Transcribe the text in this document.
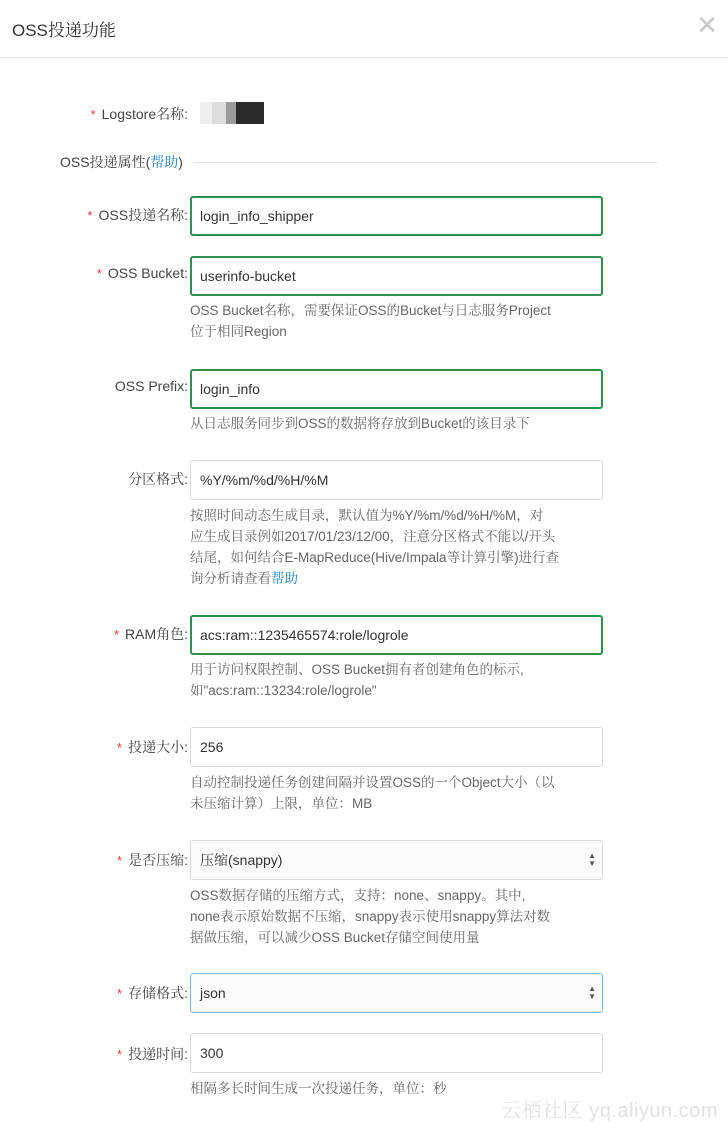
OSS投递功能	✕
* Logstore名称:
OSS投递属性(帮助)
* OSS投递名称: login_info_shipper
* OSS Bucket: userinfo-bucket
OSS Bucket名称，需要保证OSS的Bucket与日志服务Project
位于相同Region
OSS Prefix: login_info
从日志服务同步到OSS的数据将存放到Bucket的该目录下
分区格式: %Y/%m/%d/%H/%M
按照时间动态生成目录，默认值为%Y/%m/%d/%H/%M，对
应生成目录例如2017/01/23/12/00，注意分区格式不能以/开头
结尾，如何结合E-MapReduce(Hive/Impala等计算引擎)进行查
询分析请查看帮助
* RAM角色: acs:ram::1235465574:role/logrole
用于访问权限控制、OSS Bucket拥有者创建角色的标示,
如"acs:ram::13234:role/logrole"
* 投递大小: 256
自动控制投递任务创建间隔并设置OSS的一个Object大小（以
未压缩计算）上限，单位：MB
* 是否压缩: 压缩(snappy)	▲
▼
OSS数据存储的压缩方式，支持：none、snappy。其中,
none表示原始数据不压缩，snappy表示使用snappy算法对数
据做压缩，可以减少OSS Bucket存储空间使用量
* 存储格式: json	▲
▼
* 投递时间: 300
相隔多长时间生成一次投递任务，单位：秒
云栖社区 yq.aliyun.com
